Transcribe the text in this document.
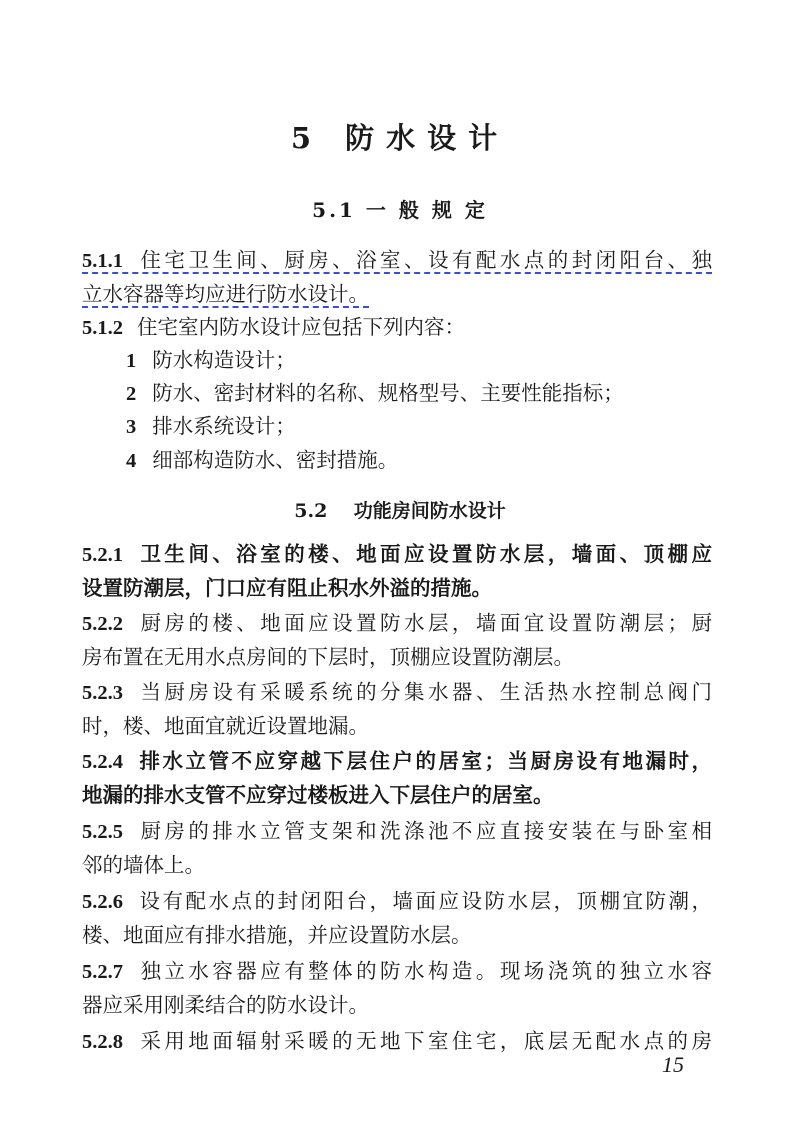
5 防水设计
5.1 一 般 规 定
5.1.1 住宅卫生间、厨房、浴室、设有配水点的封闭阳台、独
立水容器等均应进行防水设计。
5.1.2 住宅室内防水设计应包括下列内容：
1 防水构造设计；
2 防水、密封材料的名称、规格型号、主要性能指标；
3 排水系统设计；
4 细部构造防水、密封措施。
5.2    功能房间防水设计
5.2.1 卫生间、浴室的楼、地面应设置防水层，墙面、顶棚应
设置防潮层，门口应有阻止积水外溢的措施。
5.2.2 厨房的楼、地面应设置防水层，墙面宜设置防潮层；厨
房布置在无用水点房间的下层时，顶棚应设置防潮层。
5.2.3 当厨房设有采暖系统的分集水器、生活热水控制总阀门
时，楼、地面宜就近设置地漏。
5.2.4 排水立管不应穿越下层住户的居室；当厨房设有地漏时，
地漏的排水支管不应穿过楼板进入下层住户的居室。
5.2.5 厨房的排水立管支架和洗涤池不应直接安装在与卧室相
邻的墙体上。
5.2.6 设有配水点的封闭阳台，墙面应设防水层，顶棚宜防潮，
楼、地面应有排水措施，并应设置防水层。
5.2.7 独立水容器应有整体的防水构造。现场浇筑的独立水容
器应采用刚柔结合的防水设计。
5.2.8 采用地面辐射采暖的无地下室住宅，底层无配水点的房
15
